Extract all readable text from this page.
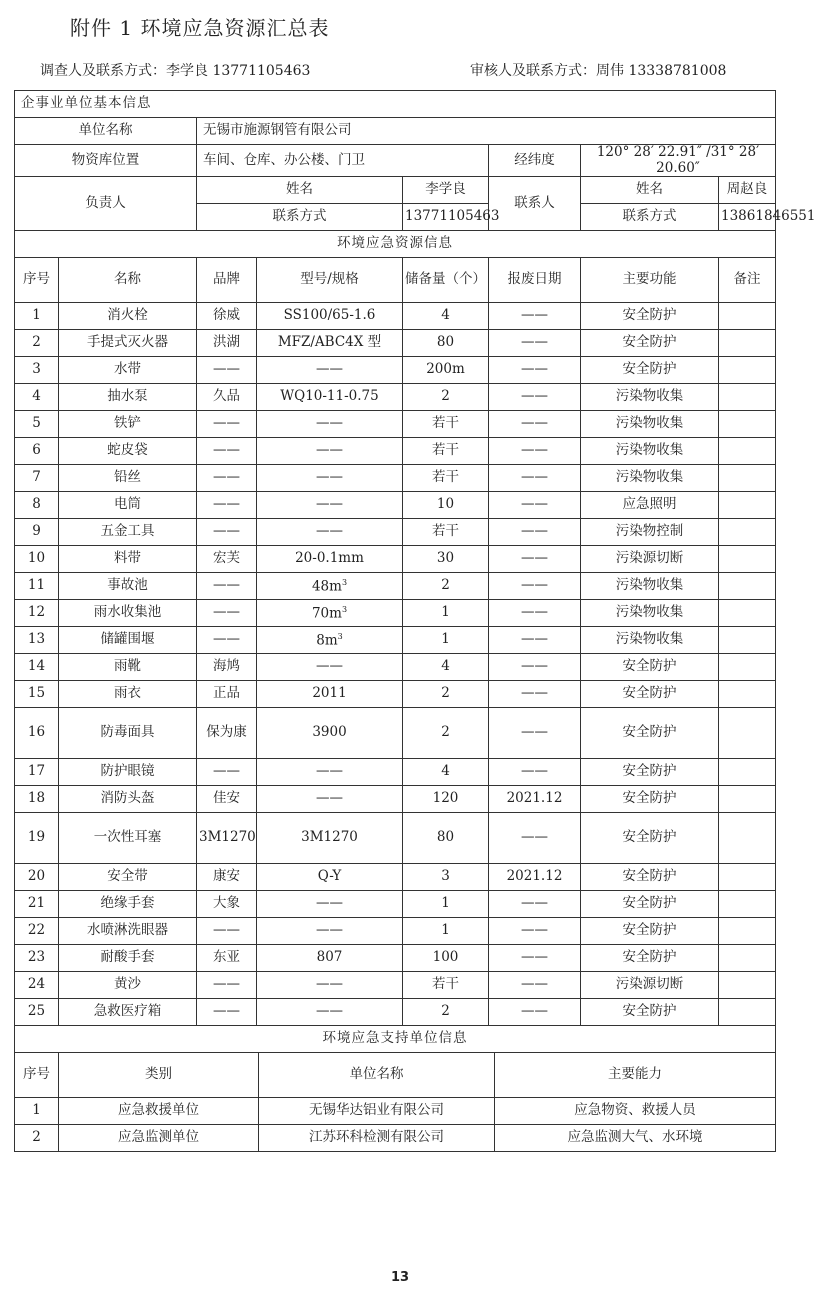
附件 1 环境应急资源汇总表
调查人及联系方式：李学良 13771105463	审核人及联系方式：周伟 13338781008
企事业单位基本信息							
单位名称		无锡市施源钢管有限公司					
物资库位置		车间、仓库、办公楼、门卫			经纬度	120° 28′ 22.91″ /31° 28′ 20.60″	
负责人		姓名		李学良	联系人	姓名	周赵良
		联系方式		13771105463		联系方式	13861846551
环境应急资源信息							
序号	名称	品牌	型号/规格	储备量（个）	报废日期	主要功能	备注
1	消火栓	徐威	SS100/65-1.6	4	——	安全防护	
2	手提式灭火器	洪湖	MFZ/ABC4X 型	80	——	安全防护	
3	水带	——	——	200m	——	安全防护	
4	抽水泵	久品	WQ10-11-0.75	2	——	污染物收集	
5	铁铲	——	——	若干	——	污染物收集	
6	蛇皮袋	——	——	若干	——	污染物收集	
7	铅丝	——	——	若干	——	污染物收集	
8	电筒	——	——	10	——	应急照明	
9	五金工具	——	——	若干	——	污染物控制	
10	料带	宏芙	20-0.1mm	30	——	污染源切断	
11	事故池	——	$48m^3$	2	——	污染物收集	
12	雨水收集池	——	$70m^3$	1	——	污染物收集	
13	储罐围堰	——	$8m^3$	1	——	污染物收集	
14	雨靴	海鸠	——	4	——	安全防护	
15	雨衣	正品	2011	2	——	安全防护	
16	防毒面具	保为康	3900	2	——	安全防护	
17	防护眼镜	——	——	4	——	安全防护	
18	消防头盔	佳安	——	120	2021.12	安全防护	
19	一次性耳塞	3M1270	3M1270	80	——	安全防护	
20	安全带	康安	Q-Y	3	2021.12	安全防护	
21	绝缘手套	大象	——	1	——	安全防护	
22	水喷淋洗眼器	——	——	1	——	安全防护	
23	耐酸手套	东亚	807	100	——	安全防护	
24	黄沙	——	——	若干	——	污染源切断	
25	急救医疗箱	——	——	2	——	安全防护	
环境应急支持单位信息			
序号	类别	单位名称	主要能力
1	应急救援单位	无锡华达铝业有限公司	应急物资、救援人员
2	应急监测单位	江苏环科检测有限公司	应急监测大气、水环境
13
